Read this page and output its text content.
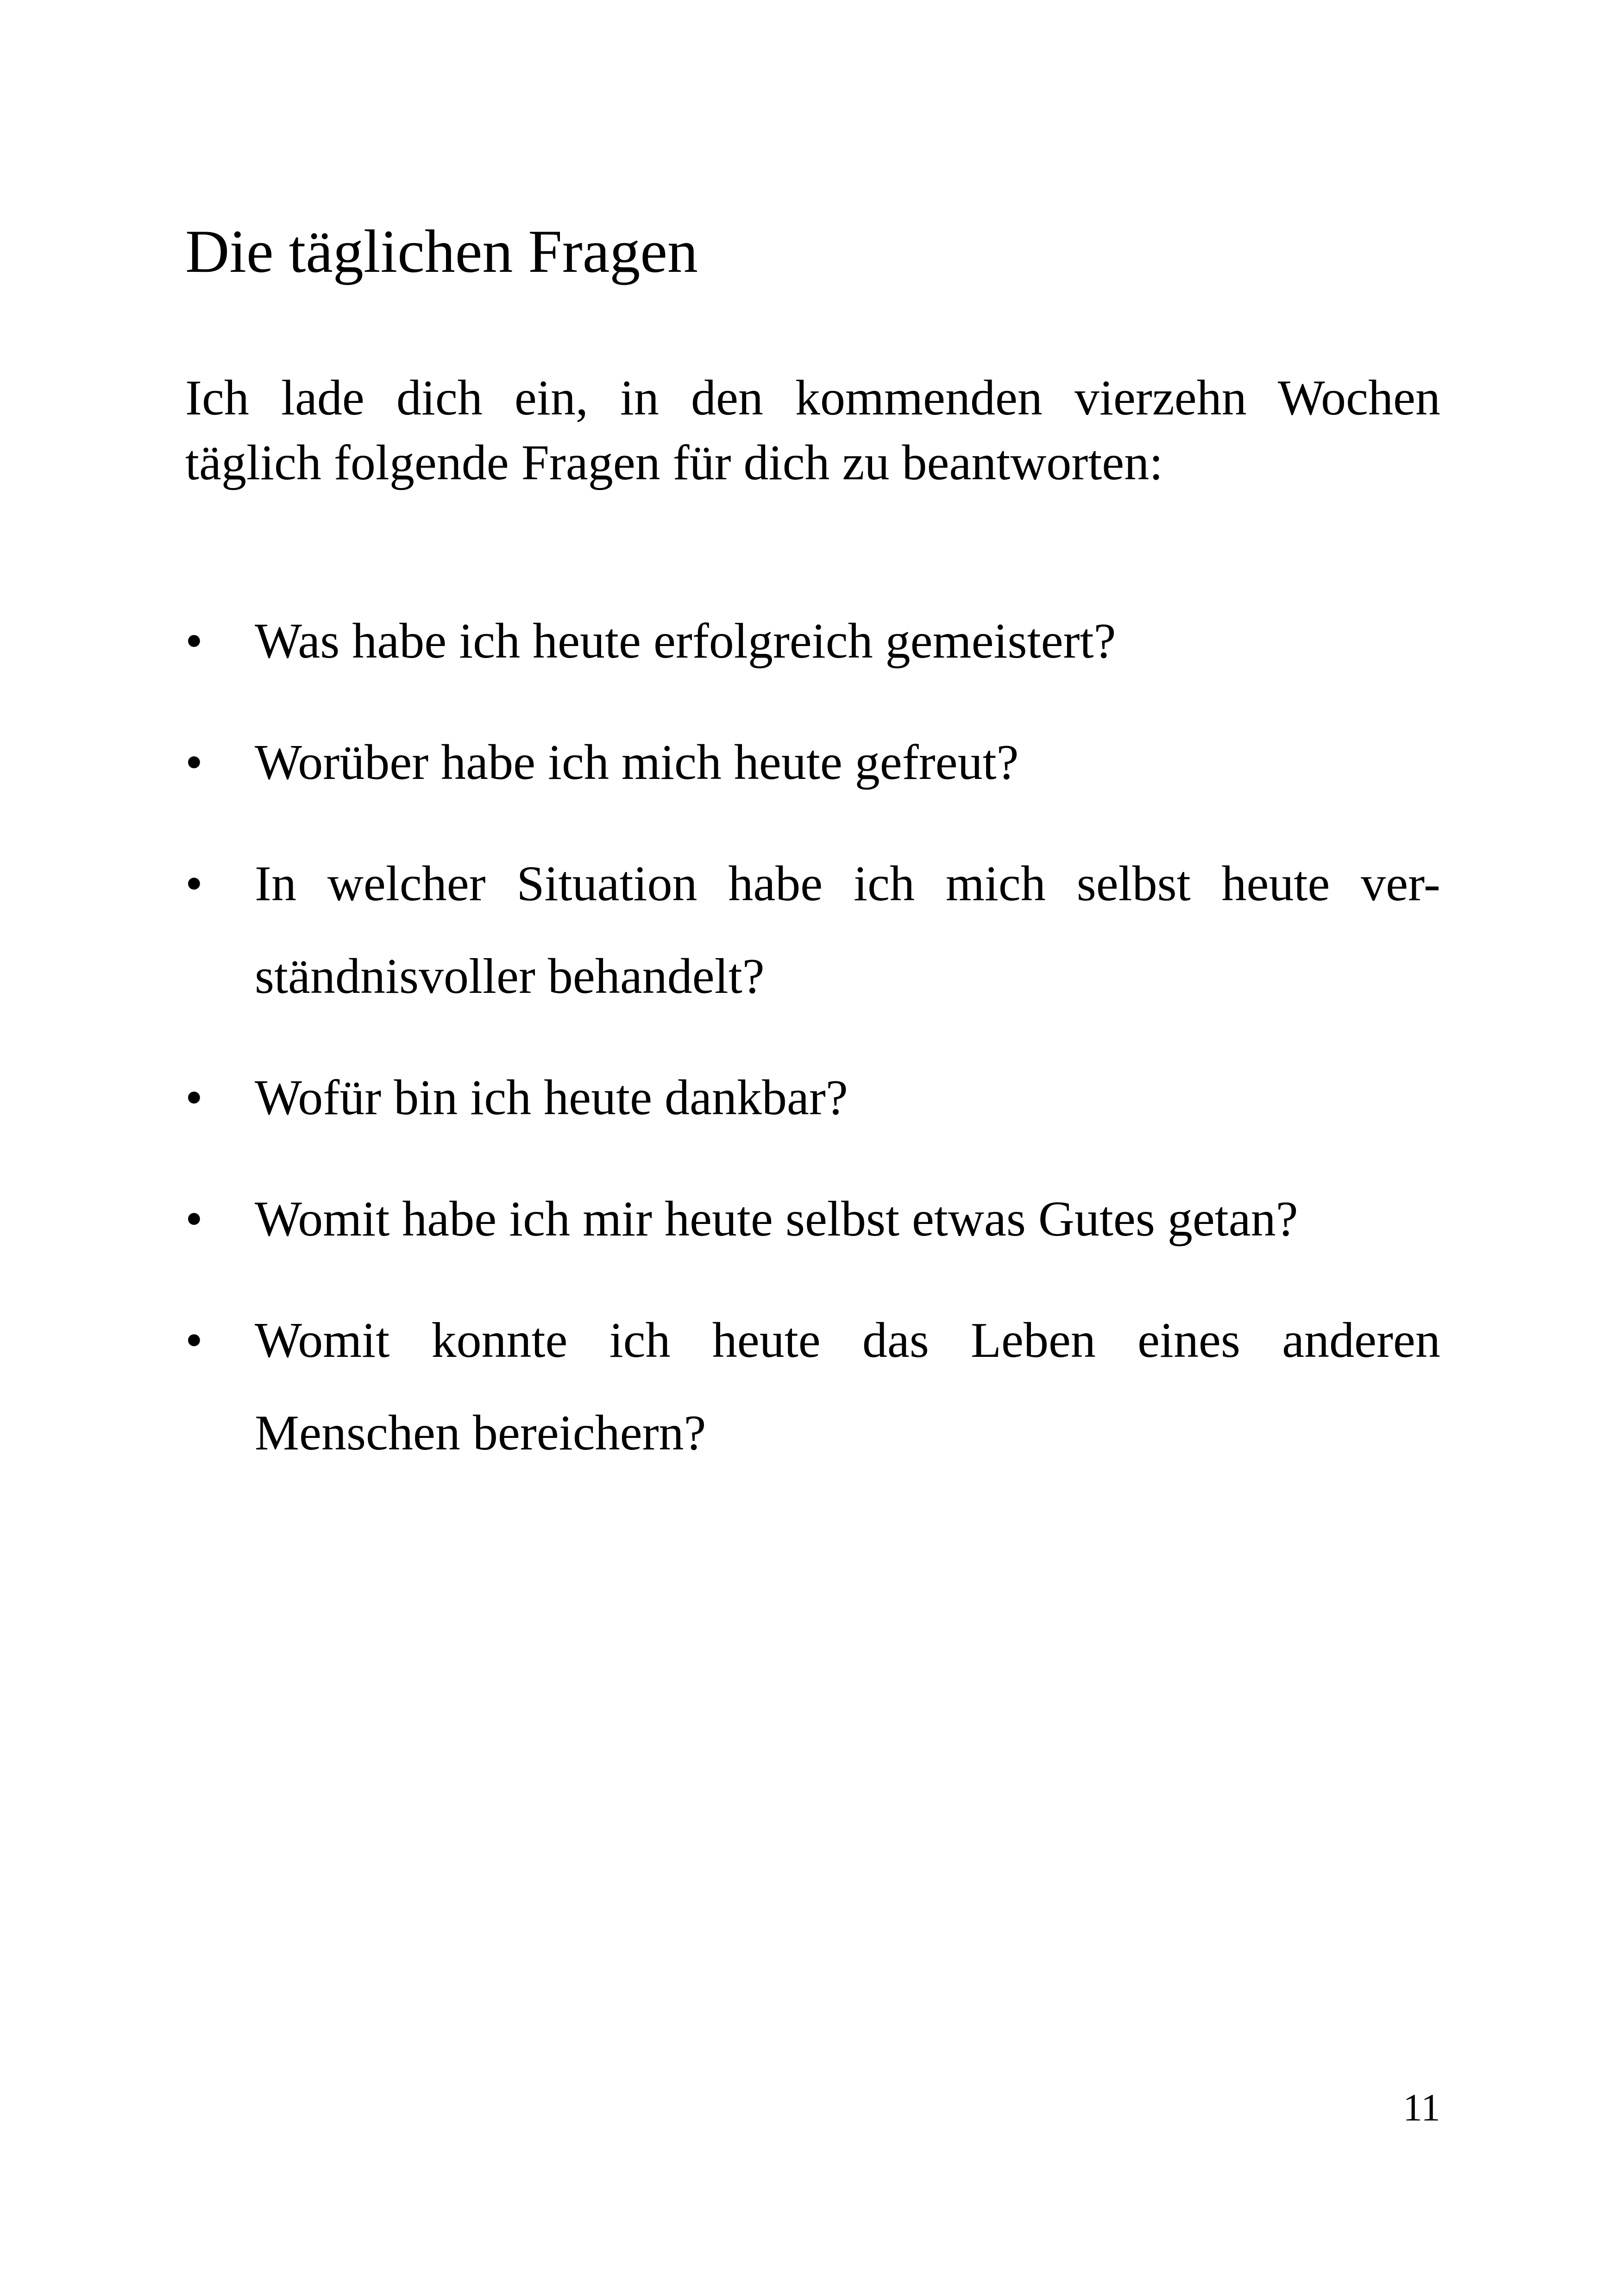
Die täglichen Fragen

Ich lade dich ein, in den kommenden vierzehn Wochen
täglich folgende Fragen für dich zu beantworten:

•	Was habe ich heute erfolgreich gemeistert?
•	Worüber habe ich mich heute gefreut?
•	In welcher Situation habe ich mich selbst heute ver-
ständnisvoller behandelt?
•	Wofür bin ich heute dankbar?
•	Womit habe ich mir heute selbst etwas Gutes getan?
•	Womit konnte ich heute das Leben eines anderen
Menschen bereichern?
11
